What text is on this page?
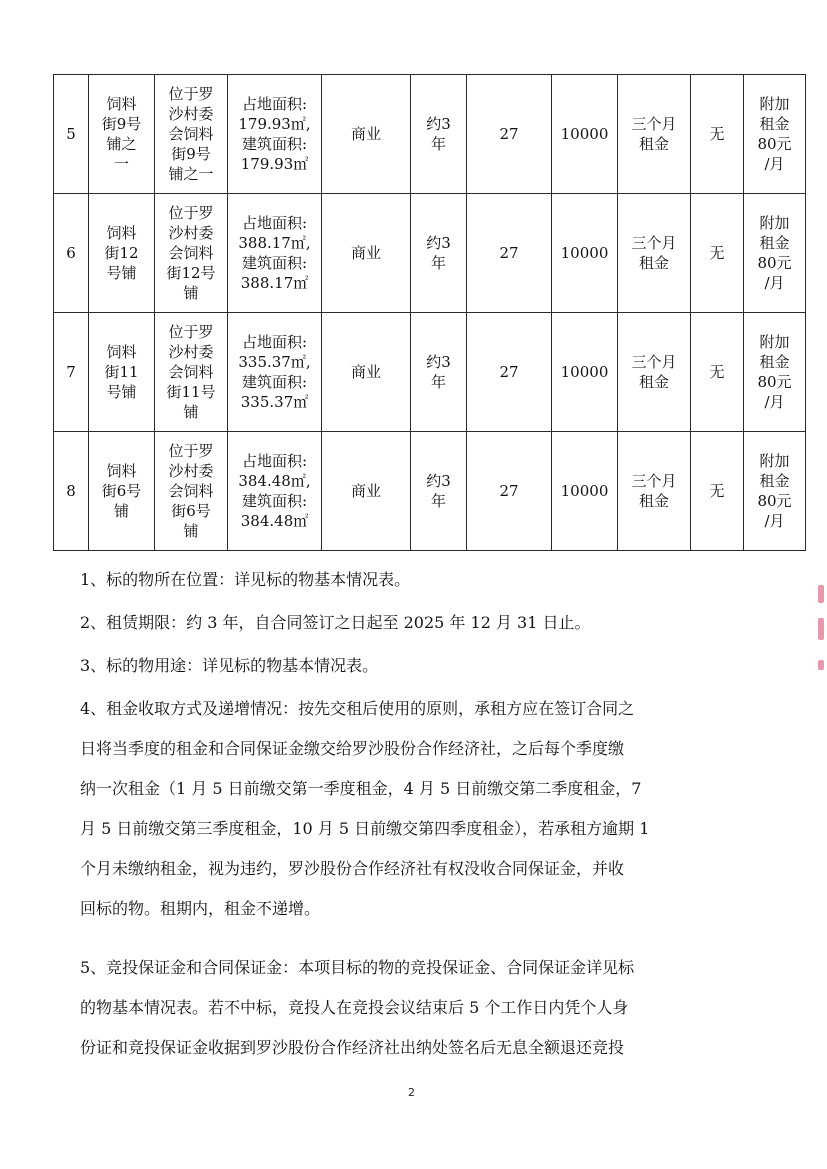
5	饲料
街9号
铺之
一	位于罗
沙村委
会饲料
街9号
铺之一	占地面积:
179.93㎡,
建筑面积:
179.93㎡	商业	约3
年	27	10000	三个月
租金	无	附加
租金
80元
/月

6	饲料
街12
号铺	位于罗
沙村委
会饲料
街12号
铺	占地面积:
388.17㎡,
建筑面积:
388.17㎡	商业	约3
年	27	10000	三个月
租金	无	附加
租金
80元
/月

7	饲料
街11
号铺	位于罗
沙村委
会饲料
街11号
铺	占地面积:
335.37㎡,
建筑面积:
335.37㎡	商业	约3
年	27	10000	三个月
租金	无	附加
租金
80元
/月

8	饲料
街6号
铺	位于罗
沙村委
会饲料
街6号
铺	占地面积:
384.48㎡,
建筑面积:
384.48㎡	商业	约3
年	27	10000	三个月
租金	无	附加
租金
80元
/月
1、标的物所在位置：详见标的物基本情况表。
2、租赁期限：约 3 年，自合同签订之日起至 2025 年 12 月 31 日止。
3、标的物用途：详见标的物基本情况表。
4、租金收取方式及递增情况：按先交租后使用的原则，承租方应在签订合同之
日将当季度的租金和合同保证金缴交给罗沙股份合作经济社，之后每个季度缴
纳一次租金（1 月 5 日前缴交第一季度租金，4 月 5 日前缴交第二季度租金，7
月 5 日前缴交第三季度租金，10 月 5 日前缴交第四季度租金），若承租方逾期 1
个月未缴纳租金，视为违约，罗沙股份合作经济社有权没收合同保证金，并收
回标的物。租期内，租金不递增。
5、竞投保证金和合同保证金：本项目标的物的竞投保证金、合同保证金详见标
的物基本情况表。若不中标，竞投人在竞投会议结束后 5 个工作日内凭个人身
份证和竞投保证金收据到罗沙股份合作经济社出纳处签名后无息全额退还竞投
2
